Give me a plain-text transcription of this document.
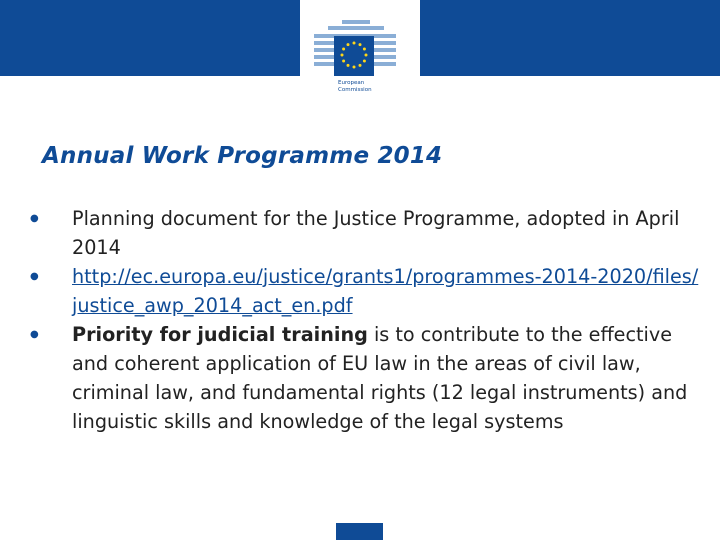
European
Commission
Annual Work Programme 2014
●	Planning document for the Justice Programme, adopted in April 2014
●	http://ec.europa.eu/justice/grants1/programmes-2014-2020/files/justice_awp_2014_act_en.pdf
●	Priority for judicial training is to contribute to the effective and coherent application of EU law in the areas of civil law, criminal law, and fundamental rights (12 legal instruments) and linguistic skills and knowledge of the legal systems
